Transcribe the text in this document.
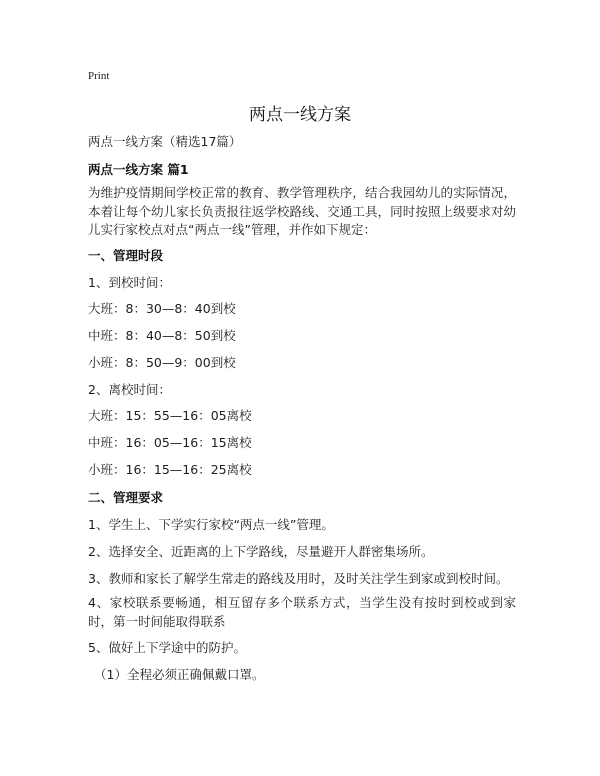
Print
两点一线方案
两点一线方案（精选17篇）
两点一线方案 篇1
为维护疫情期间学校正常的教育、教学管理秩序，结合我园幼儿的实际情况，本着让每个幼儿家长负责报往返学校路线、交通工具，同时按照上级要求对幼儿实行家校点对点“两点一线”管理，并作如下规定：
一、管理时段
1、到校时间：
大班：8：30—8：40到校
中班：8：40—8：50到校
小班：8：50—9：00到校
2、离校时间：
大班：15：55—16：05离校
中班：16：05—16：15离校
小班：16：15—16：25离校
二、管理要求
1、学生上、下学实行家校“两点一线”管理。
2、选择安全、近距离的上下学路线，尽量避开人群密集场所。
3、教师和家长了解学生常走的路线及用时，及时关注学生到家或到校时间。
4、家校联系要畅通，相互留存多个联系方式，当学生没有按时到校或到家时，第一时间能取得联系
5、做好上下学途中的防护。
（1）全程必须正确佩戴口罩。
